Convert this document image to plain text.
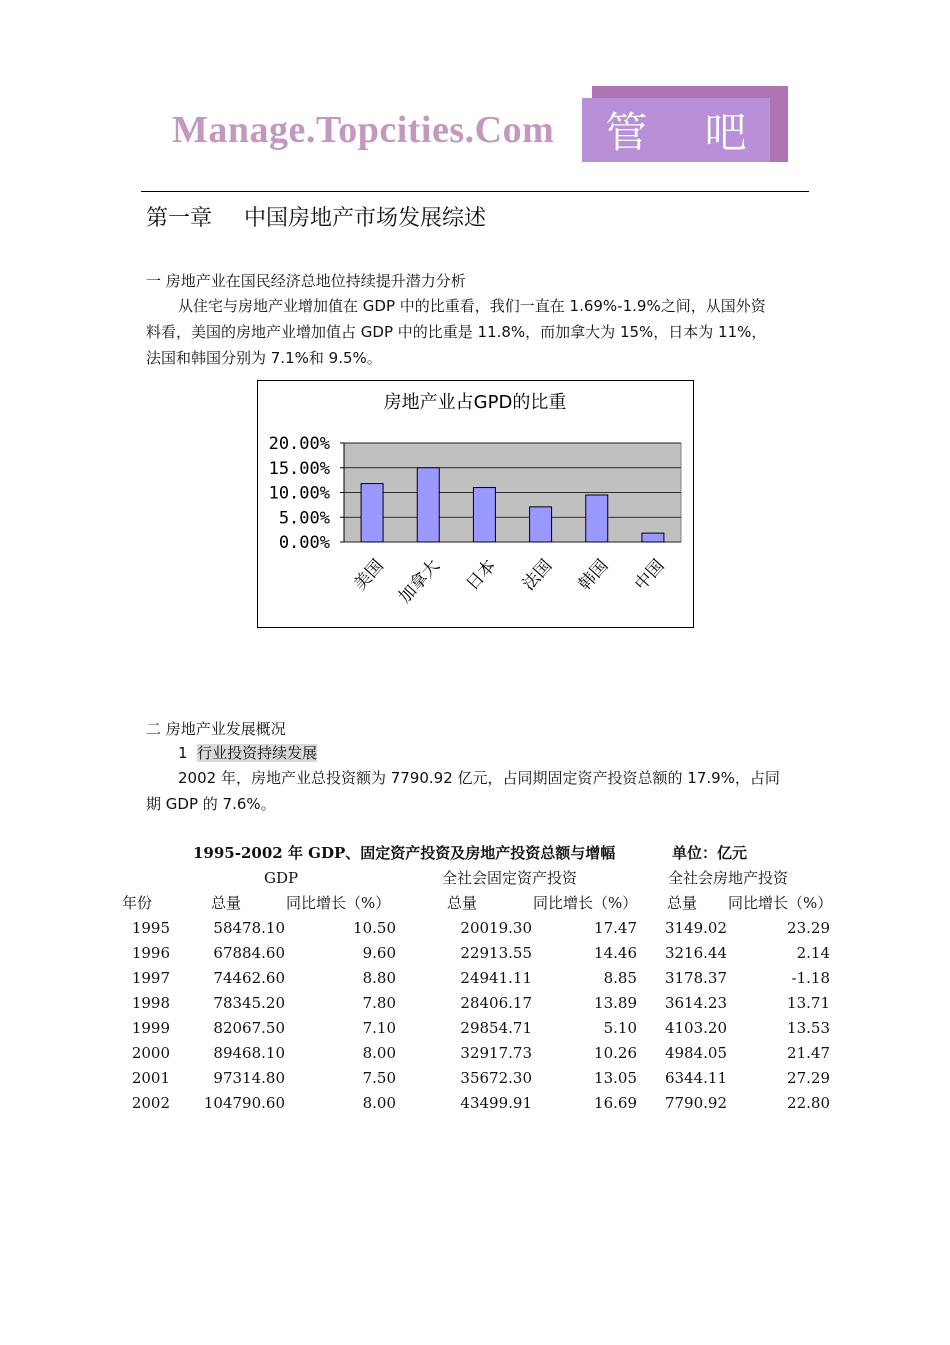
Manage.Topcities.Com	管 吧
第一章 中国房地产市场发展综述
一 房地产业在国民经济总地位持续提升潜力分析
从住宅与房地产业增加值在 GDP 中的比重看，我们一直在 1.69%-1.9%之间，从国外资
料看，美国的房地产业增加值占 GDP 中的比重是 11.8%，而加拿大为 15%，日本为 11%，
法国和韩国分别为 7.1%和 9.5%。
房地产业占GPD的比重
0.00%
5.00%
10.00%
15.00%
20.00%
美国 加拿大 日本 法国 韩国 中国
二 房地产业发展概况
1 行业投资持续发展
2002 年，房地产业总投资额为 7790.92 亿元，占同期固定资产投资总额的 17.9%，占同
期 GDP 的 7.6%。
1995-2002 年 GDP、固定资产投资及房地产投资总额与增幅	单位：亿元
GDP	全社会固定资产投资	全社会房地产投资
年份	总量	同比增长（%）	总量	同比增长（%） 总量 同比增长（%）
1995	58478.10	10.50	20019.30	17.47	3149.02	23.29
1996	67884.60	9.60	22913.55	14.46	3216.44	2.14
1997	74462.60	8.80	24941.11	8.85	3178.37	-1.18
1998	78345.20	7.80	28406.17	13.89	3614.23	13.71
1999	82067.50	7.10	29854.71	5.10	4103.20	13.53
2000	89468.10	8.00	32917.73	10.26	4984.05	21.47
2001	97314.80	7.50	35672.30	13.05	6344.11	27.29
2002	104790.60	8.00	43499.91	16.69	7790.92	22.80
